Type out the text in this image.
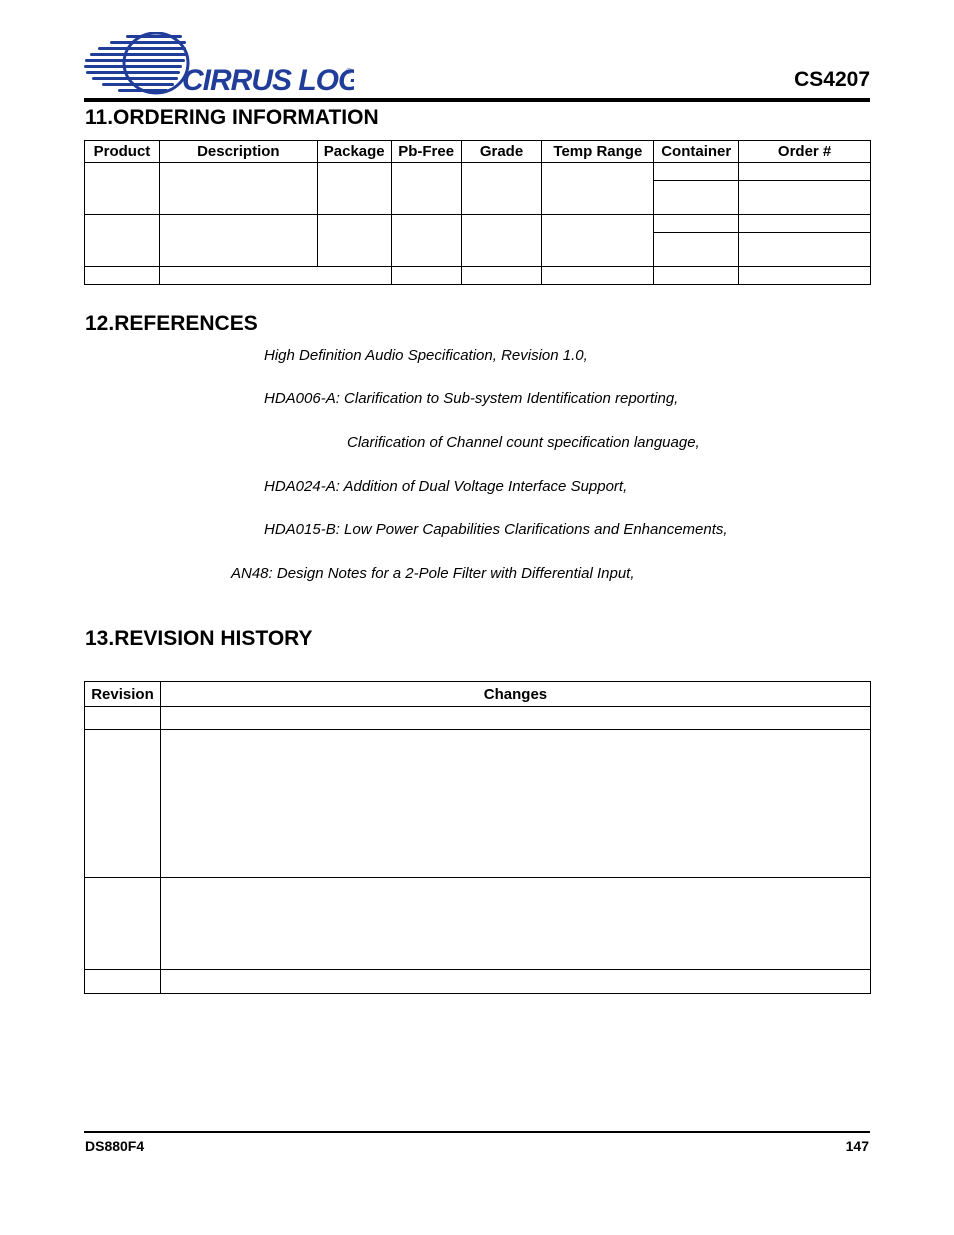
CIRRUS LO	®	CS4207
11.ORDERING INFORMATION
Product	Description	Package	Pb-Free	Grade	Temp Range	Container	Order #

12.REFERENCES
High Definition Audio Specification, Revision 1.0,
HDA006-A: Clarification to Sub-system Identification reporting,
Clarification of Channel count specification language,
HDA024-A: Addition of Dual Voltage Interface Support,
HDA015-B: Low Power Capabilities Clarifications and Enhancements,
AN48: Design Notes for a 2-Pole Filter with Differential Input,
13.REVISION HISTORY
Revision	Changes

DS880F4	147
